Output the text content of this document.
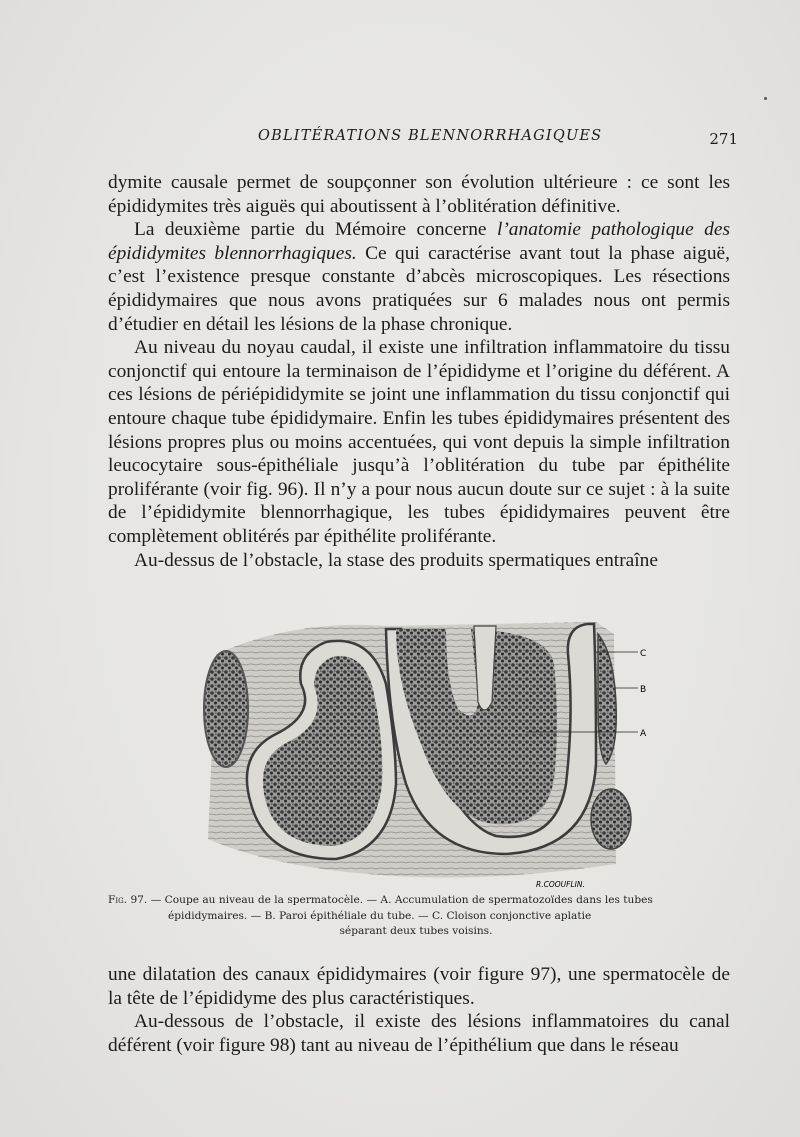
OBLITÉRATIONS BLENNORRHAGIQUES	271

dymite causale permet de soupçonner son évolution ultérieure : ce sont les épididymites très aiguës qui aboutissent à l’oblitération définitive.

La deuxième partie du Mémoire concerne l’anatomie pathologique des épididymites blennorrhagiques. Ce qui caractérise avant tout la phase aiguë, c’est l’existence presque constante d’abcès microscopiques. Les résections épididymaires que nous avons pratiquées sur 6 malades nous ont permis d’étudier en détail les lésions de la phase chronique.

Au niveau du noyau caudal, il existe une infiltration inflammatoire du tissu conjonctif qui entoure la terminaison de l’épididyme et l’origine du déférent. A ces lésions de périépididymite se joint une inflammation du tissu conjonctif qui entoure chaque tube épididymaire. Enfin les tubes épididymaires présentent des lésions propres plus ou moins accentuées, qui vont depuis la simple infiltration leucocytaire sous-épithéliale jusqu’à l’oblitération du tube par épithélite proliférante (voir fig. 96). Il n’y a pour nous aucun doute sur ce sujet : à la suite de l’épididymite blennorrhagique, les tubes épididymaires peuvent être complètement oblitérés par épithélite proliférante.

Au-dessus de l’obstacle, la stase des produits spermatiques entraîne

C
B
A
R.COOUFLIN.
Fig. 97. — Coupe au niveau de la spermatocèle. — A. Accumulation de spermatozoïdes dans les tubes
épididymaires. — B. Paroi épithéliale du tube. — C. Cloison conjonctive aplatie
séparant deux tubes voisins.

une dilatation des canaux épididymaires (voir figure 97), une spermatocèle de la tête de l’épididyme des plus caractéristiques.

Au-dessous de l’obstacle, il existe des lésions inflammatoires du canal déférent (voir figure 98) tant au niveau de l’épithélium que dans le réseau
